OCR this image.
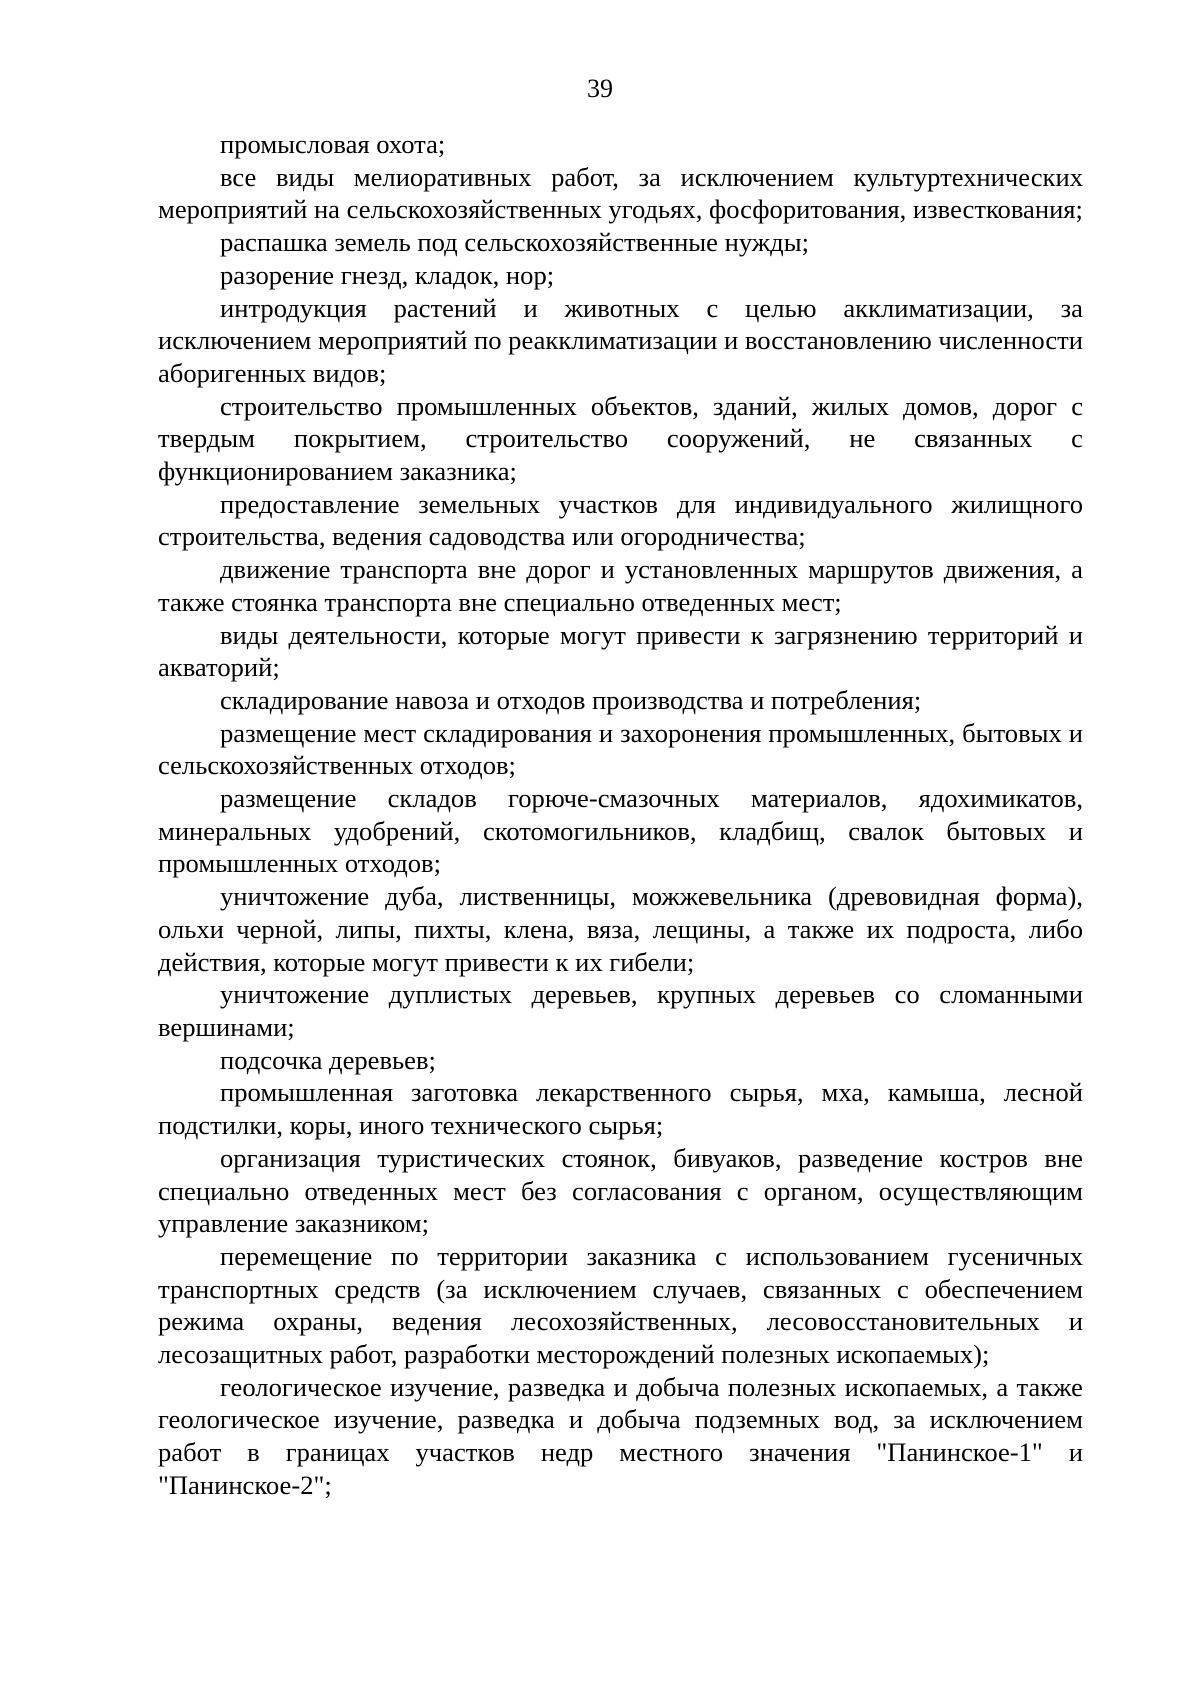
39

промысловая охота;

все виды мелиоративных работ, за исключением культуртехнических мероприятий на сельскохозяйственных угодьях, фосфоритования, известкования;

распашка земель под сельскохозяйственные нужды;

разорение гнезд, кладок, нор;

интродукция растений и животных с целью акклиматизации, за исключением мероприятий по реакклиматизации и восстановлению численности аборигенных видов;

строительство промышленных объектов, зданий, жилых домов, дорог с твердым покрытием, строительство сооружений, не связанных с функционированием заказника;

предоставление земельных участков для индивидуального жилищного строительства, ведения садоводства или огородничества;

движение транспорта вне дорог и установленных маршрутов движения, а также стоянка транспорта вне специально отведенных мест;

виды деятельности, которые могут привести к загрязнению территорий и акваторий;

складирование навоза и отходов производства и потребления;

размещение мест складирования и захоронения промышленных, бытовых и сельскохозяйственных отходов;

размещение складов горюче-смазочных материалов, ядохимикатов, минеральных удобрений, скотомогильников, кладбищ, свалок бытовых и промышленных отходов;

уничтожение дуба, лиственницы, можжевельника (древовидная форма), ольхи черной, липы, пихты, клена, вяза, лещины, а также их подроста, либо действия, которые могут привести к их гибели;

уничтожение дуплистых деревьев, крупных деревьев со сломанными вершинами;

подсочка деревьев;

промышленная заготовка лекарственного сырья, мха, камыша, лесной подстилки, коры, иного технического сырья;

организация туристических стоянок, бивуаков, разведение костров вне специально отведенных мест без согласования с органом, осуществляющим управление заказником;

перемещение по территории заказника с использованием гусеничных транспортных средств (за исключением случаев, связанных с обеспечением режима охраны, ведения лесохозяйственных, лесовосстановительных и лесозащитных работ, разработки месторождений полезных ископаемых);

геологическое изучение, разведка и добыча полезных ископаемых, а также геологическое изучение, разведка и добыча подземных вод, за исключением работ в границах участков недр местного значения "Панинское-1" и "Панинское-2";
